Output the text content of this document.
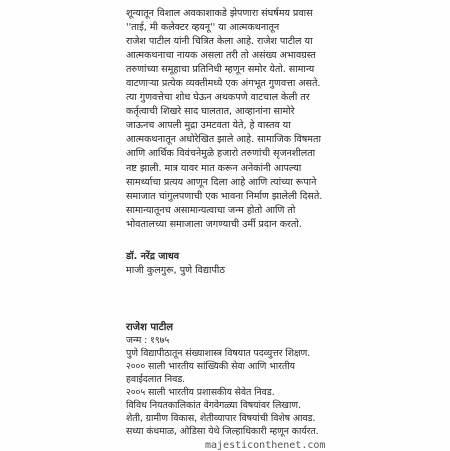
शून्यातून विशाल अवकाशाकडे झेपणारा संघर्षमय प्रवास
''ताई, मी कलेक्टर व्हयनू'' या आत्मकथनातून
राजेश पाटील यांनी चित्रित केला आहे. राजेश पाटील या
आत्मकथनाचा नायक असला तरी तो असंख्य अभावग्रस्त
तरुणांच्या समूहाचा प्रतिनिधी म्हणून समोर येतो. सामान्य
वाटणाऱ्या प्रत्येक व्यक्तीमध्ये एक अंगभूत गुणवत्ता असते.
त्या गुणवत्तेचा शोध घेऊन अथकपणे वाटचाल केली तर
कर्तृत्वाची शिखरे साद घालतात, आव्हानांना सामोरे
जाऊनच आपली मुद्रा उमटवता येते, हे वास्तव या
आत्मकथनातून अधोरेखित झाले आहे. सामाजिक विषमता
आणि आर्थिक विवंचनेमुळे हजारो तरुणांची सृजनशीलता
नष्ट झाली. मात्र यावर मात करून अनेकांनी आपल्या
सामर्थ्याचा प्रत्यय आणून दिला आहे आणि त्यांच्या रूपाने
समाजात चांगुलपणाची एक भावना निर्माण झालेली दिसते.
सामान्यातूनच असामान्यत्वाचा जन्म होतो आणि तो
भोवतालच्या समाजाला जगण्याची उर्मी प्रदान करतो.
डॉ. नरेंद्र जाधव
माजी कुलगुरू, पुणे विद्यापीठ
राजेश पाटील
जन्म : १९७५
पुणे विद्यापीठातून संख्याशास्त्र विषयात पदव्युत्तर शिक्षण.
२००० साली भारतीय सांख्यिकी सेवा आणि भारतीय
हवाईदलात निवड.
२००५ साली भारतीय प्रशासकीय सेवेत निवड.
विविध नियतकालिकांत वेगवेगळ्या विषयांवर लिखाण.
शेती, ग्रामीण विकास, शेतीव्यापार विषयांची विशेष आवड.
सध्या कंधमाळ, ओडिसा येथे जिल्हाधिकारी म्हणून कार्यरत.
majesticonthenet.com
